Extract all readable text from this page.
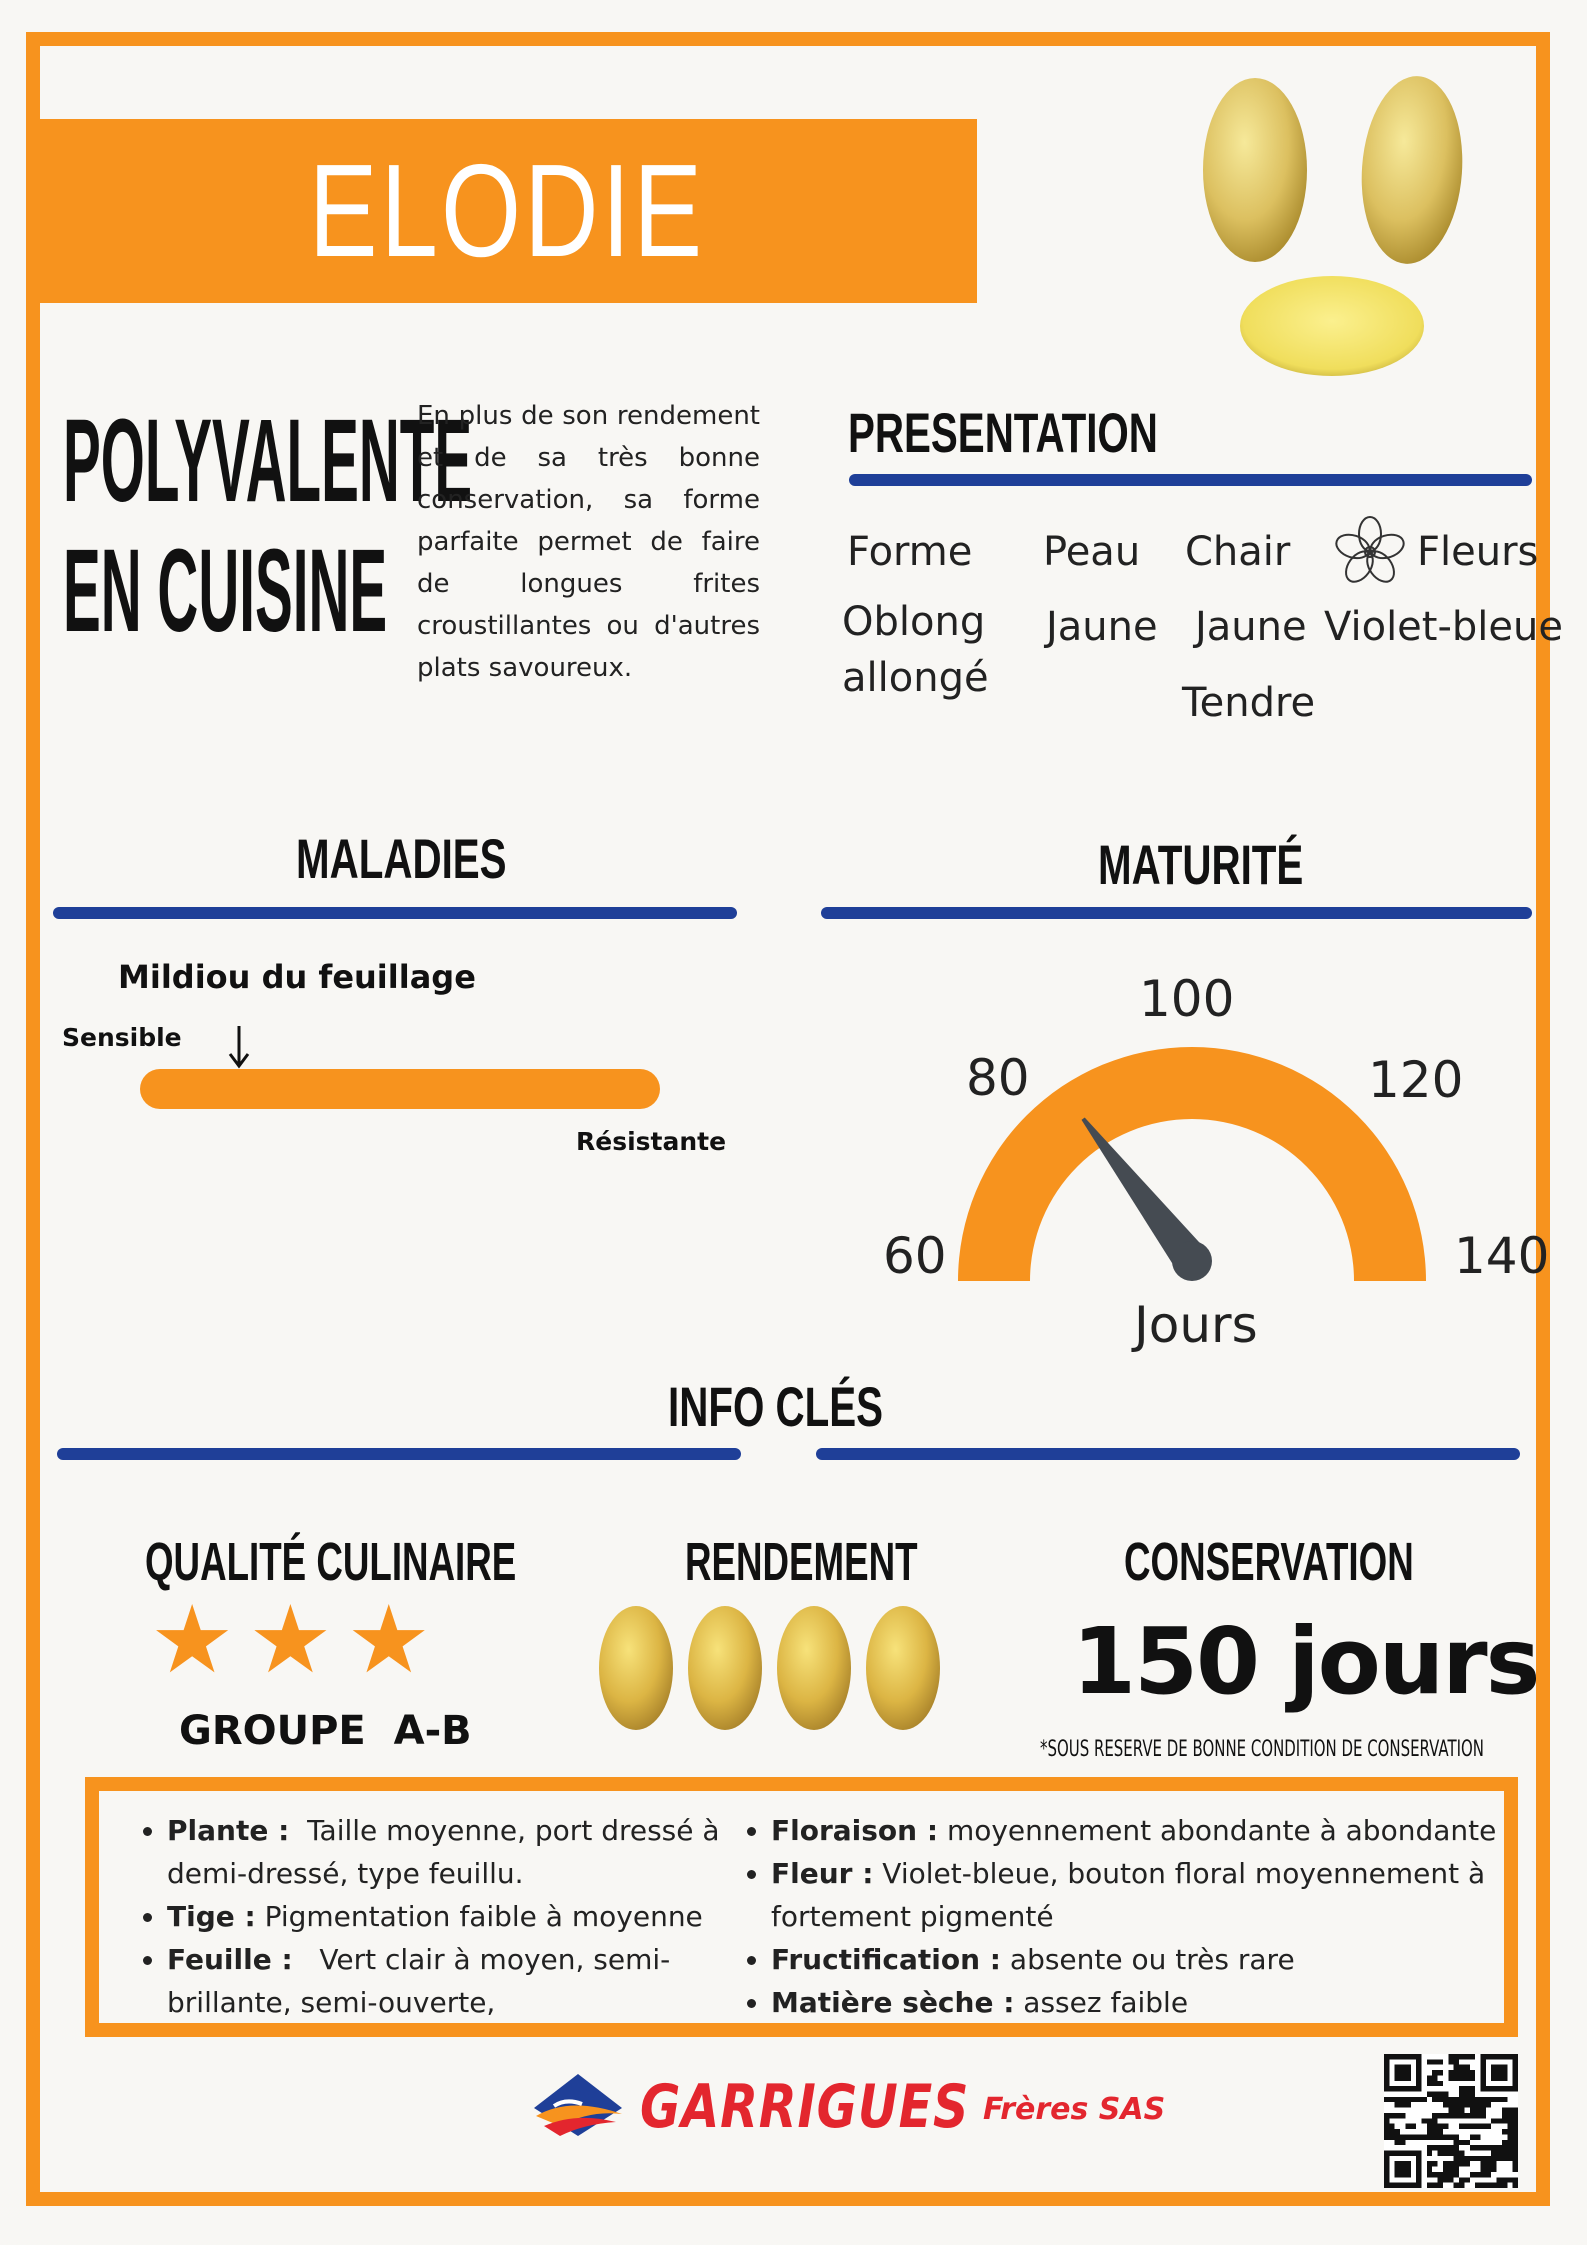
ELODIE
POLYVALENTE
EN CUISINE
En plus de son rendement et de sa très bonne conservation, sa forme parfaite permet de faire de longues frites croustillantes ou d'autres plats savoureux.
PRESENTATION
Forme Peau Chair	Fleurs
Oblong
allongé
Jaune Jaune
Tendre
Violet-bleue
MALADIES
Mildiou du feuillage
Sensible
Résistante
MATURITÉ
60
80
100
120
140
Jours
INFO CLÉS
QUALITÉ CULINAIRE
★ ★ ★
GROUPE  A-B
RENDEMENT	CONSERVATION
150 jours
*SOUS RESERVE DE BONNE CONDITION DE CONSERVATION
• Plante :  Taille moyenne, port dressé à demi-dressé, type feuillu.
• Tige : Pigmentation faible à moyenne
• Feuille :   Vert clair à moyen, semi-brillante, semi-ouverte,
• Floraison : moyennement abondante à abondante
• Fleur : Violet-bleue, bouton floral moyennement à fortement pigmenté
• Fructification : absente ou très rare
• Matière sèche : assez faible
GARRIGUES Frères SAS
